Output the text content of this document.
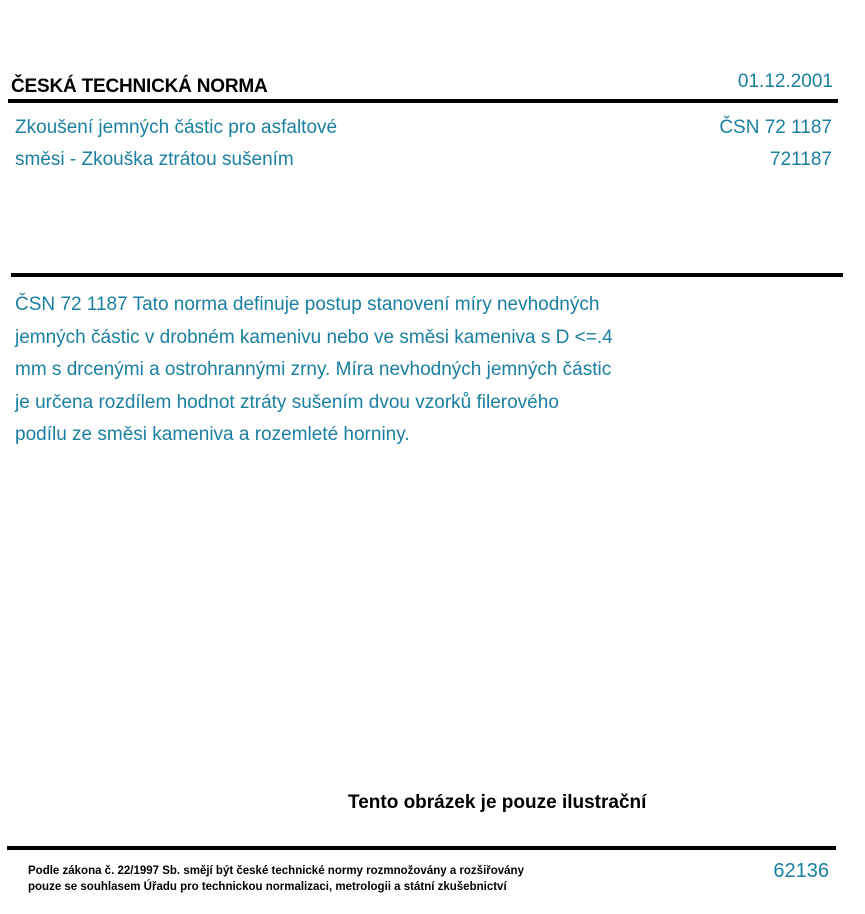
ČESKÁ TECHNICKÁ NORMA	01.12.2001
Zkoušení jemných částic pro asfaltové
směsi - Zkouška ztrátou sušením
ČSN 72 1187
721187
ČSN 72 1187 Tato norma definuje postup stanovení míry nevhodných
jemných částic v drobném kamenivu nebo ve směsi kameniva s D <=.4
mm s drcenými a ostrohrannými zrny. Míra nevhodných jemných částic
je určena rozdílem hodnot ztráty sušením dvou vzorků filerového
podílu ze směsi kameniva a rozemleté horniny.
Tento obrázek je pouze ilustrační
Podle zákona č. 22/1997 Sb. smějí být české technické normy rozmnožovány a rozšiřovány
pouze se souhlasem Úřadu pro technickou normalizaci, metrologii a státní zkušebnictví
62136
